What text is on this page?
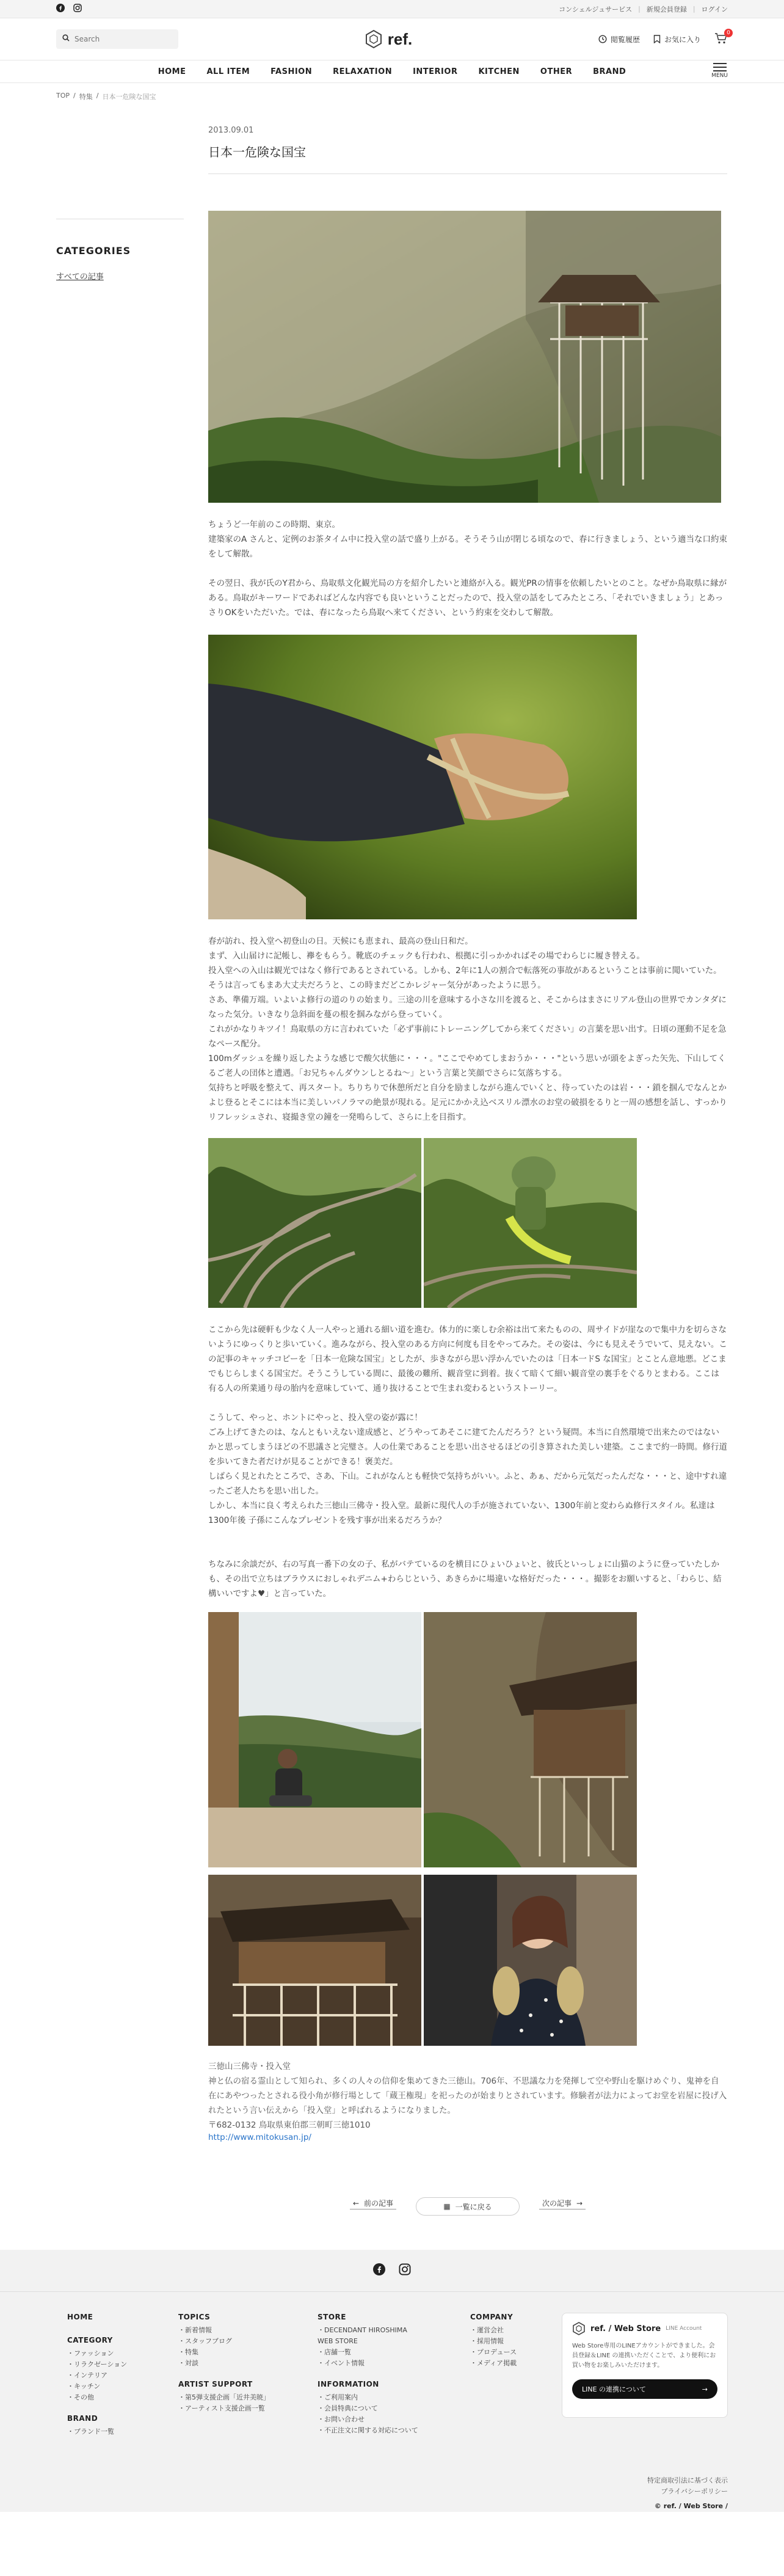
コンシェルジュサービス | 新規会員登録 | ログイン
Search
ref.	閲覧履歴	お気に入り
0
HOME	ALL ITEM	FASHION	RELAXATION	INTERIOR	KITCHEN	OTHER	BRAND	MENU
TOP / 特集 / 日本一危険な国宝
CATEGORIES
すべての記事
2013.09.01
日本一危険な国宝

ちょうど一年前のこの時期、東京。
建築家のA さんと、定例のお茶タイム中に投入堂の話で盛り上がる。そうそう山が閉じる頃なので、春に行きましょう、という適当な口約束をして解散。

その翌日、我が氏のY君から、鳥取県文化観光局の方を紹介したいと連絡が入る。観光PRの情事を依頼したいとのこと。なぜか鳥取県に縁がある。鳥取がキーワードであればどんな内容でも良いということだったので、投入堂の話をしてみたところ、「それでいきましょう」とあっさりOKをいただいた。では、春になったら鳥取へ来てください、という約束を交わして解散。

春が訪れ、投入堂へ初登山の日。天候にも恵まれ、最高の登山日和だ。
まず、入山届けに記帳し、襷をもらう。靴底のチェックも行われ、根拠に引っかかればその場でわらじに履き替える。
投入堂への入山は観光ではなく修行であるとされている。しかも、2年に1人の割合で転落死の事故があるということは事前に聞いていた。
そうは言ってもまあ大丈夫だろうと、この時まだどこかレジャー気分があったように思う。
さあ、準備万端。いよいよ修行の道のりの始まり。三途の川を意味する小さな川を渡ると、そこからはまさにリアル登山の世界でカンタダになった気分。いきなり急斜面を蔓の根を掴みながら登っていく。
これがかなりキツイ！鳥取県の方に言われていた「必ず事前にトレーニングしてから来てください」の言葉を思い出す。日頃の運動不足を急なペース配分。
100mダッシュを繰り返したような感じで酸欠状態に・・・。"ここでやめてしまおうか・・・"という思いが頭をよぎった矢先、下山してくるご老人の団体と遭遇。「お兄ちゃんダウンしとるね～」という言葉と笑顔でさらに気落ちする。
気持ちと呼吸を整えて、再スタート。ちりちりで休憩所だと自分を励ましながら進んでいくと、待っていたのは岩・・・鎖を掴んでなんとかよじ登るとそこには本当に美しいパノラマの絶景が現れる。足元にかかえ込ベスリル漂水のお堂の破損をるりと一周の感想を話し、すっかりリフレッシュされ、寝撮き堂の鐘を一発鳴らして、さらに上を目指す。

ここから先は硬軒も少なく人一人やっと通れる細い道を進む。体力的に楽しむ余裕は出て来たものの、周サイドが崖なので集中力を切らさないようにゆっくりと歩いていく。進みながら、投入堂のある方向に何度も目をやってみた。その姿は、今にも見えそうでいて、見えない。この記事のキャッチコピーを「日本一危険な国宝」としたが、歩きながら思い浮かんでいたのは「日本一ドS な国宝」とことん意地悪。どこまでもじらしまくる国宝だ。そうこうしている間に、最後の難所、観音堂に到着。抜くて暗くて細い観音堂の裏手をぐるりとまわる。ここは有る人の所業通り母の胎内を意味していて、通り抜けることで生まれ変わるというストーリー。

こうして、やっと、ホントにやっと、投入堂の姿が露に！
ごみ上げてきたのは、なんともいえない達成感と、どうやってあそこに建てたんだろう？という疑問。本当に自然環境で出来たのではないかと思ってしまうほどの不思議さと完璧さ。人の仕業であることを思い出させるほどの引き算された美しい建築。ここまで約一時間。修行道を歩いてきた者だけが見ることができる！褒美だ。
しばらく見とれたところで、さあ、下山。これがなんとも軽快で気持ちがいい。ふと、あぁ、だから元気だったんだな・・・と、途中すれ違ったご老人たちを思い出した。
しかし、本当に良く考えられた三徳山三佛寺・投入堂。最新に現代人の手が施されていない、1300年前と変わらぬ修行スタイル。私達は1300年後 子孫にこんなプレゼントを残す事が出来るだろうか？

ちなみに余談だが、右の写真一番下の女の子、私がバテているのを横目にひょいひょいと、彼氏といっしょに山猫のように登っていたしかも、その出で立ちはブラウスにおしゃれデニム+わらじという、あきらかに場違いな格好だった・・・。撮影をお願いすると、「わらじ、結構いいですよ♥」と言っていた。

三徳山三佛寺・投入堂
神と仏の宿る霊山として知られ、多くの人々の信仰を集めてきた三徳山。706年、不思議な力を発揮して空や野山を駆けめぐり、鬼神を自在にあやつったとされる役小角が修行場として「蔵王権現」を祀ったのが始まりとされています。修験者が法力によってお堂を岩屋に投げ入れたという言い伝えから「投入堂」と呼ばれるようになりました。
〒682-0132 鳥取県東伯郡三朝町三徳1010
http://www.mitokusan.jp/
← 前の記事	▦ 一覧に戻る	次の記事 →
HOME
CATEGORY
・ファッション
・リラクゼーション
・インテリア
・キッチン
・その他
BRAND
・ブランド一覧
TOPICS
・新着情報
・スタッフブログ
・特集
・対談
ARTIST SUPPORT
・第5弾支援企画「近井美暁」
・アーティスト支援企画一覧
STORE
・DECENDANT HIROSHIMA WEB STORE
・店舗一覧
・イベント情報
INFORMATION
・ご利用案内
・会員特典について
・お問い合わせ
・不正注文に関する対応について
COMPANY
・運営会社
・採用情報
・プロデュース
・メディア掲載
ref. / Web Store LINE Account
Web Store専用のLINEアカウントができました。会員登録＆LINE の連携いただくことで、より便利にお買い物をお楽しみいただけます。
LINE の連携について	→
特定商取引法に基づく表示
プライバシーポリシー
© ref. / Web Store /
